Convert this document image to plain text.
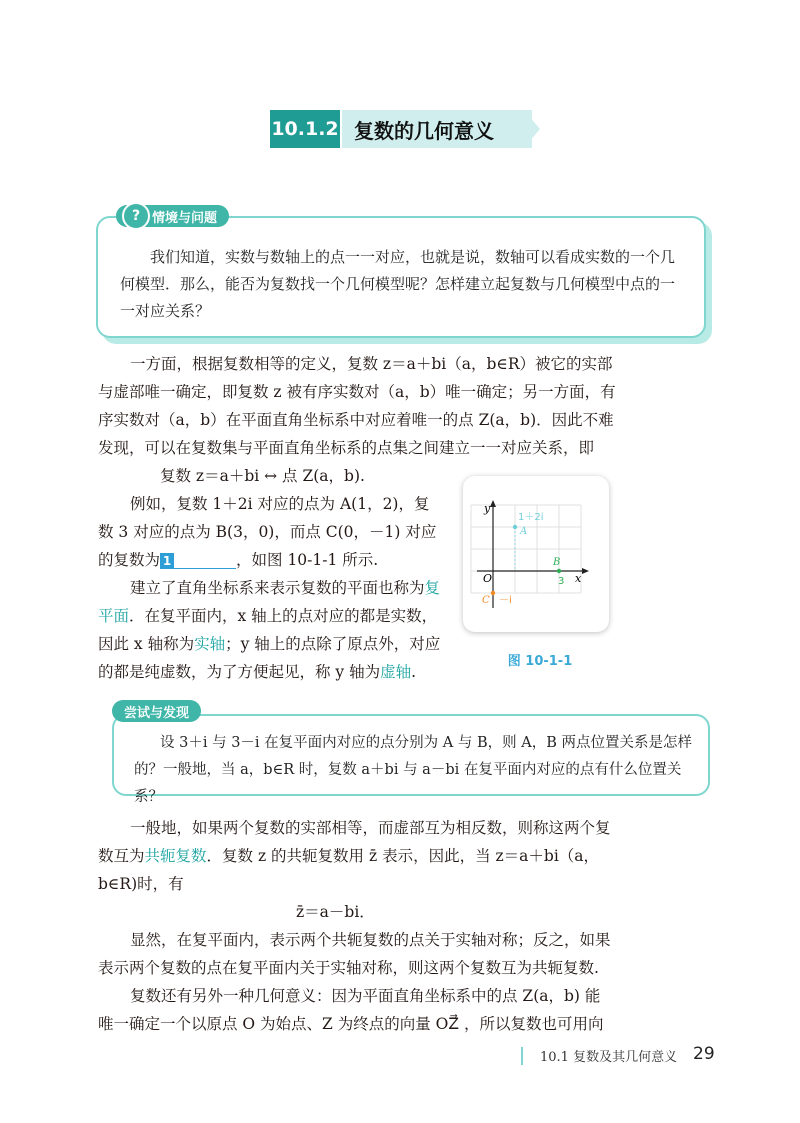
10.1.2 复数的几何意义
我们知道，实数与数轴上的点一一对应，也就是说，数轴可以看成实数的一个几
何模型．那么，能否为复数找一个几何模型呢？怎样建立起复数与几何模型中点的一
一对应关系？
? 情境与问题
一方面，根据复数相等的定义，复数 z＝a＋bi（a，b∈R）被它的实部
与虚部唯一确定，即复数 z 被有序实数对（a，b）唯一确定；另一方面，有
序实数对（a，b）在平面直角坐标系中对应着唯一的点 Z(a，b)．因此不难
发现，可以在复数集与平面直角坐标系的点集之间建立一一对应关系，即
复数 z＝a＋bi ↔ 点 Z(a，b).
例如，复数 1＋2i 对应的点为 A(1，2)，复
数 3 对应的点为 B(3，0)，而点 C(0，－1) 对应
的复数为 1	，如图 10-1-1 所示.
建立了直角坐标系来表示复数的平面也称为复
平面．在复平面内，x 轴上的点对应的都是实数，
因此 x 轴称为实轴；y 轴上的点除了原点外，对应
的都是纯虚数，为了方便起见，称 y 轴为虚轴.
y
x
O
1＋2i
A
B
3
C －i
图 10-1-1
设 3＋i 与 3－i 在复平面内对应的点分别为 A 与 B，则 A，B 两点位置关系是怎样
的？一般地，当 a，b∈R 时，复数 a＋bi 与 a－bi 在复平面内对应的点有什么位置关系？
尝试与发现
一般地，如果两个复数的实部相等，而虚部互为相反数，则称这两个复
数互为共轭复数．复数 z 的共轭复数用 z̄ 表示，因此，当 z＝a＋bi（a，
b∈R)时，有
z̄＝a－bi．
显然，在复平面内，表示两个共轭复数的点关于实轴对称；反之，如果
表示两个复数的点在复平面内关于实轴对称，则这两个复数互为共轭复数.
复数还有另外一种几何意义：因为平面直角坐标系中的点 Z(a，b) 能
唯一确定一个以原点 O 为始点、Z 为终点的向量 OZ⃗ ，所以复数也可用向
10.1 复数及其几何意义 29
